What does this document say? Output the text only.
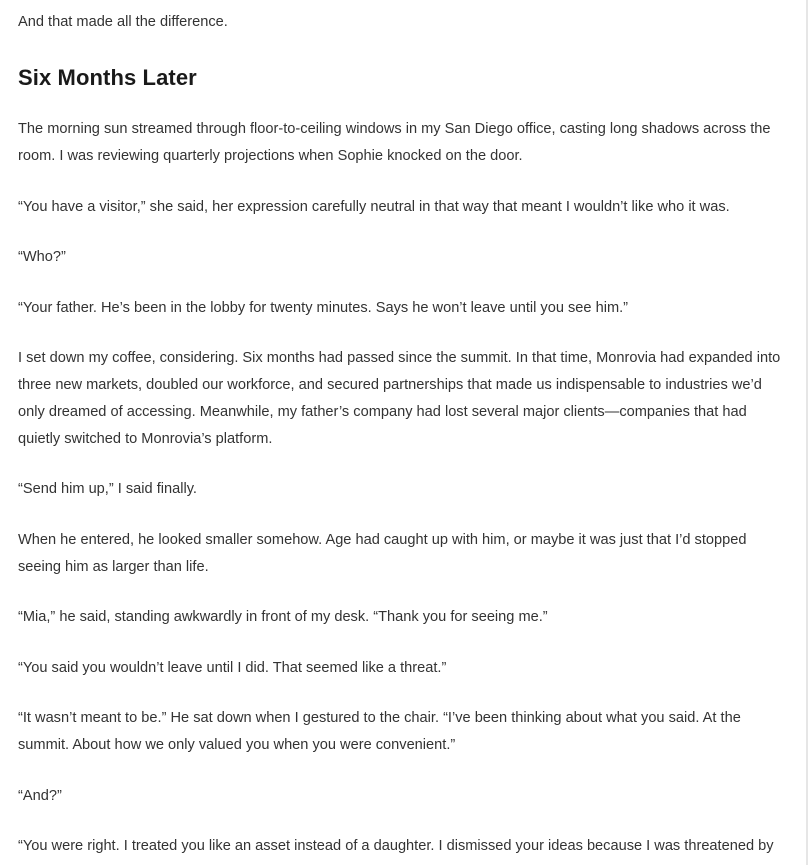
And that made all the difference.

Six Months Later

The morning sun streamed through floor-to-ceiling windows in my San Diego office, casting long shadows across the room. I was reviewing quarterly projections when Sophie knocked on the door.

“You have a visitor,” she said, her expression carefully neutral in that way that meant I wouldn’t like who it was.

“Who?”

“Your father. He’s been in the lobby for twenty minutes. Says he won’t leave until you see him.”

I set down my coffee, considering. Six months had passed since the summit. In that time, Monrovia had expanded into three new markets, doubled our workforce, and secured partnerships that made us indispensable to industries we’d only dreamed of accessing. Meanwhile, my father’s company had lost several major clients—companies that had quietly switched to Monrovia’s platform.

“Send him up,” I said finally.

When he entered, he looked smaller somehow. Age had caught up with him, or maybe it was just that I’d stopped seeing him as larger than life.

“Mia,” he said, standing awkwardly in front of my desk. “Thank you for seeing me.”

“You said you wouldn’t leave until I did. That seemed like a threat.”

“It wasn’t meant to be.” He sat down when I gestured to the chair. “I’ve been thinking about what you said. At the summit. About how we only valued you when you were convenient.”

“And?”

“You were right. I treated you like an asset instead of a daughter. I dismissed your ideas because I was threatened by
